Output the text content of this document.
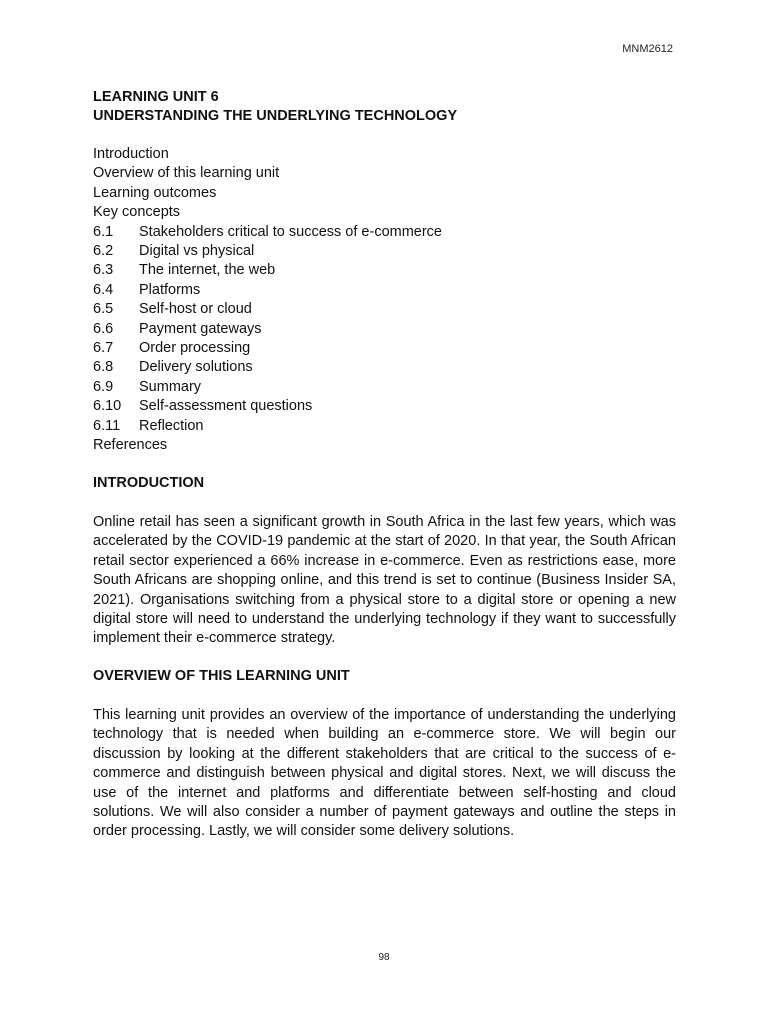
MNM2612
LEARNING UNIT 6
UNDERSTANDING THE UNDERLYING TECHNOLOGY
Introduction
Overview of this learning unit
Learning outcomes
Key concepts
6.1	Stakeholders critical to success of e-commerce
6.2	Digital vs physical
6.3	The internet, the web
6.4	Platforms
6.5	Self-host or cloud
6.6	Payment gateways
6.7	Order processing
6.8	Delivery solutions
6.9	Summary
6.10	Self-assessment questions
6.11	Reflection
References
INTRODUCTION

Online retail has seen a significant growth in South Africa in the last few years, which was accelerated by the COVID-19 pandemic at the start of 2020. In that year, the South African retail sector experienced a 66% increase in e-commerce. Even as restrictions ease, more South Africans are shopping online, and this trend is set to continue (Business Insider SA, 2021). Organisations switching from a physical store to a digital store or opening a new digital store will need to understand the underlying technology if they want to successfully implement their e-commerce strategy.

OVERVIEW OF THIS LEARNING UNIT

This learning unit provides an overview of the importance of understanding the underlying technology that is needed when building an e-commerce store. We will begin our discussion by looking at the different stakeholders that are critical to the success of e-commerce and distinguish between physical and digital stores. Next, we will discuss the use of the internet and platforms and differentiate between self-hosting and cloud solutions. We will also consider a number of payment gateways and outline the steps in order processing. Lastly, we will consider some delivery solutions.

98
